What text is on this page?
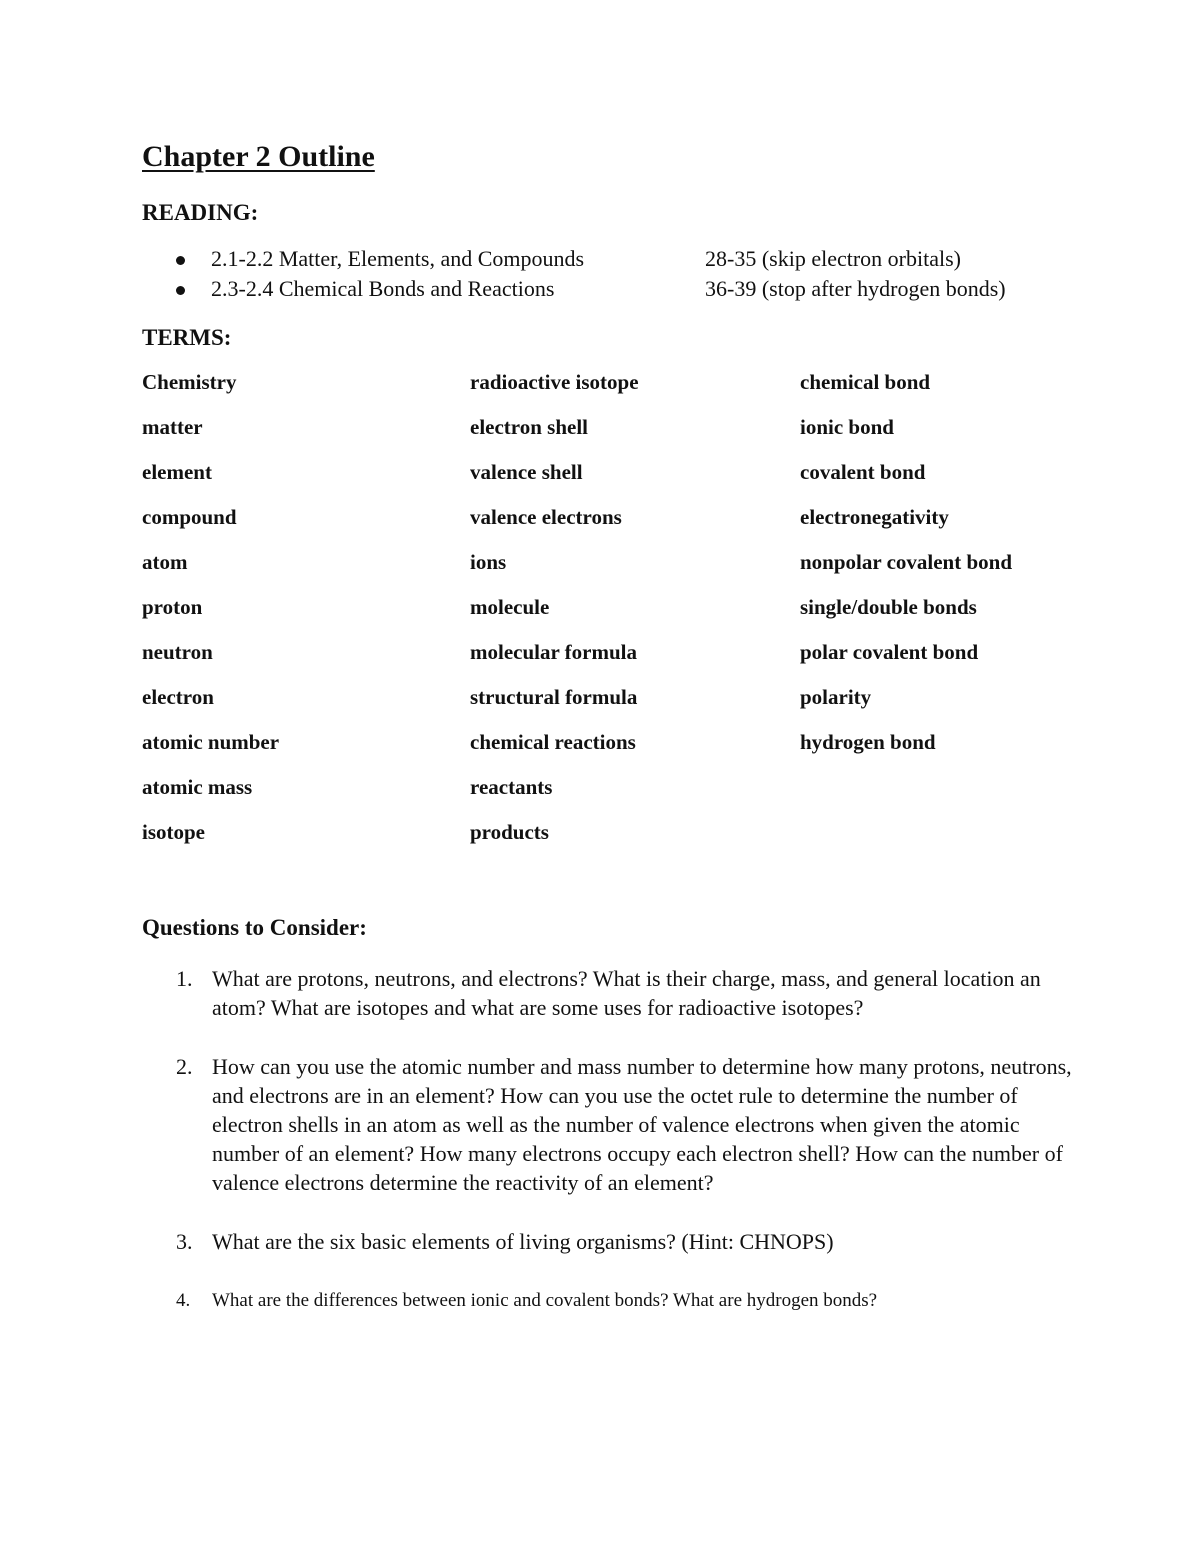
Chapter 2 Outline
READING:
2.1-2.2 Matter, Elements, and Compounds	28-35 (skip electron orbitals)
2.3-2.4 Chemical Bonds and Reactions	36-39 (stop after hydrogen bonds)
TERMS:
Chemistry
matter
element
compound
atom
proton
neutron
electron
atomic number
atomic mass
isotope
radioactive isotope
electron shell
valence shell
valence electrons
ions
molecule
molecular formula
structural formula
chemical reactions
reactants
products
chemical bond
ionic bond
covalent bond
electronegativity
nonpolar covalent bond
single/double bonds
polar covalent bond
polarity
hydrogen bond
Questions to Consider:
1. What are protons, neutrons, and electrons? What is their charge, mass, and general location an atom? What are isotopes and what are some uses for radioactive isotopes?
2. How can you use the atomic number and mass number to determine how many protons, neutrons, and electrons are in an element? How can you use the octet rule to determine the number of electron shells in an atom as well as the number of valence electrons when given the atomic number of an element? How many electrons occupy each electron shell? How can the number of valence electrons determine the reactivity of an element?
3. What are the six basic elements of living organisms? (Hint: CHNOPS)
4. What are the differences between ionic and covalent bonds? What are hydrogen bonds?
